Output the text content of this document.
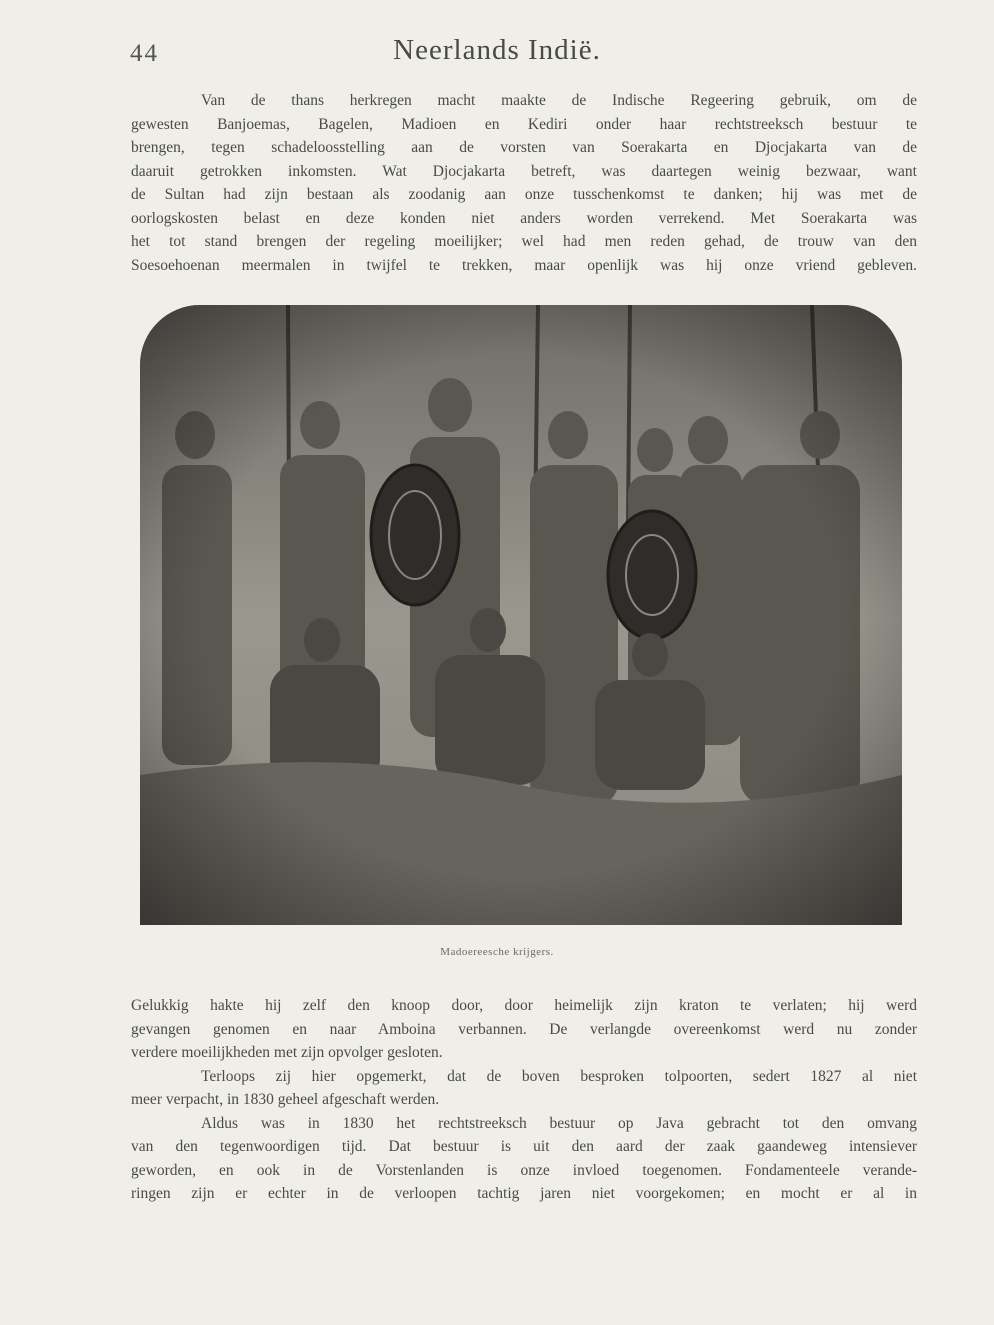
44	Neerlands Indië.

Van de thans herkregen macht maakte de Indische Regeering gebruik, om de
gewesten Banjoemas, Bagelen, Madioen en Kediri onder haar rechtstreeksch bestuur te
brengen, tegen schadeloosstelling aan de vorsten van Soerakarta en Djocjakarta van de
daaruit getrokken inkomsten. Wat Djocjakarta betreft, was daartegen weinig bezwaar, want
de Sultan had zijn bestaan als zoodanig aan onze tusschenkomst te danken; hij was met de
oorlogskosten belast en deze konden niet anders worden verrekend. Met Soerakarta was
het tot stand brengen der regeling moeilijker; wel had men reden gehad, de trouw van den
Soesoehoenan meermalen in twijfel te trekken, maar openlijk was hij onze vriend gebleven.

Madoereesche krijgers.

Gelukkig hakte hij zelf den knoop door, door heimelijk zijn kraton te verlaten; hij werd
gevangen genomen en naar Amboina verbannen. De verlangde overeenkomst werd nu zonder
verdere moeilijkheden met zijn opvolger gesloten.
Terloops zij hier opgemerkt, dat de boven besproken tolpoorten, sedert 1827 al niet
meer verpacht, in 1830 geheel afgeschaft werden.
Aldus was in 1830 het rechtstreeksch bestuur op Java gebracht tot den omvang
van den tegenwoordigen tijd. Dat bestuur is uit den aard der zaak gaandeweg intensiever
geworden, en ook in de Vorstenlanden is onze invloed toegenomen. Fondamenteele verande-
ringen zijn er echter in de verloopen tachtig jaren niet voorgekomen; en mocht er al in
